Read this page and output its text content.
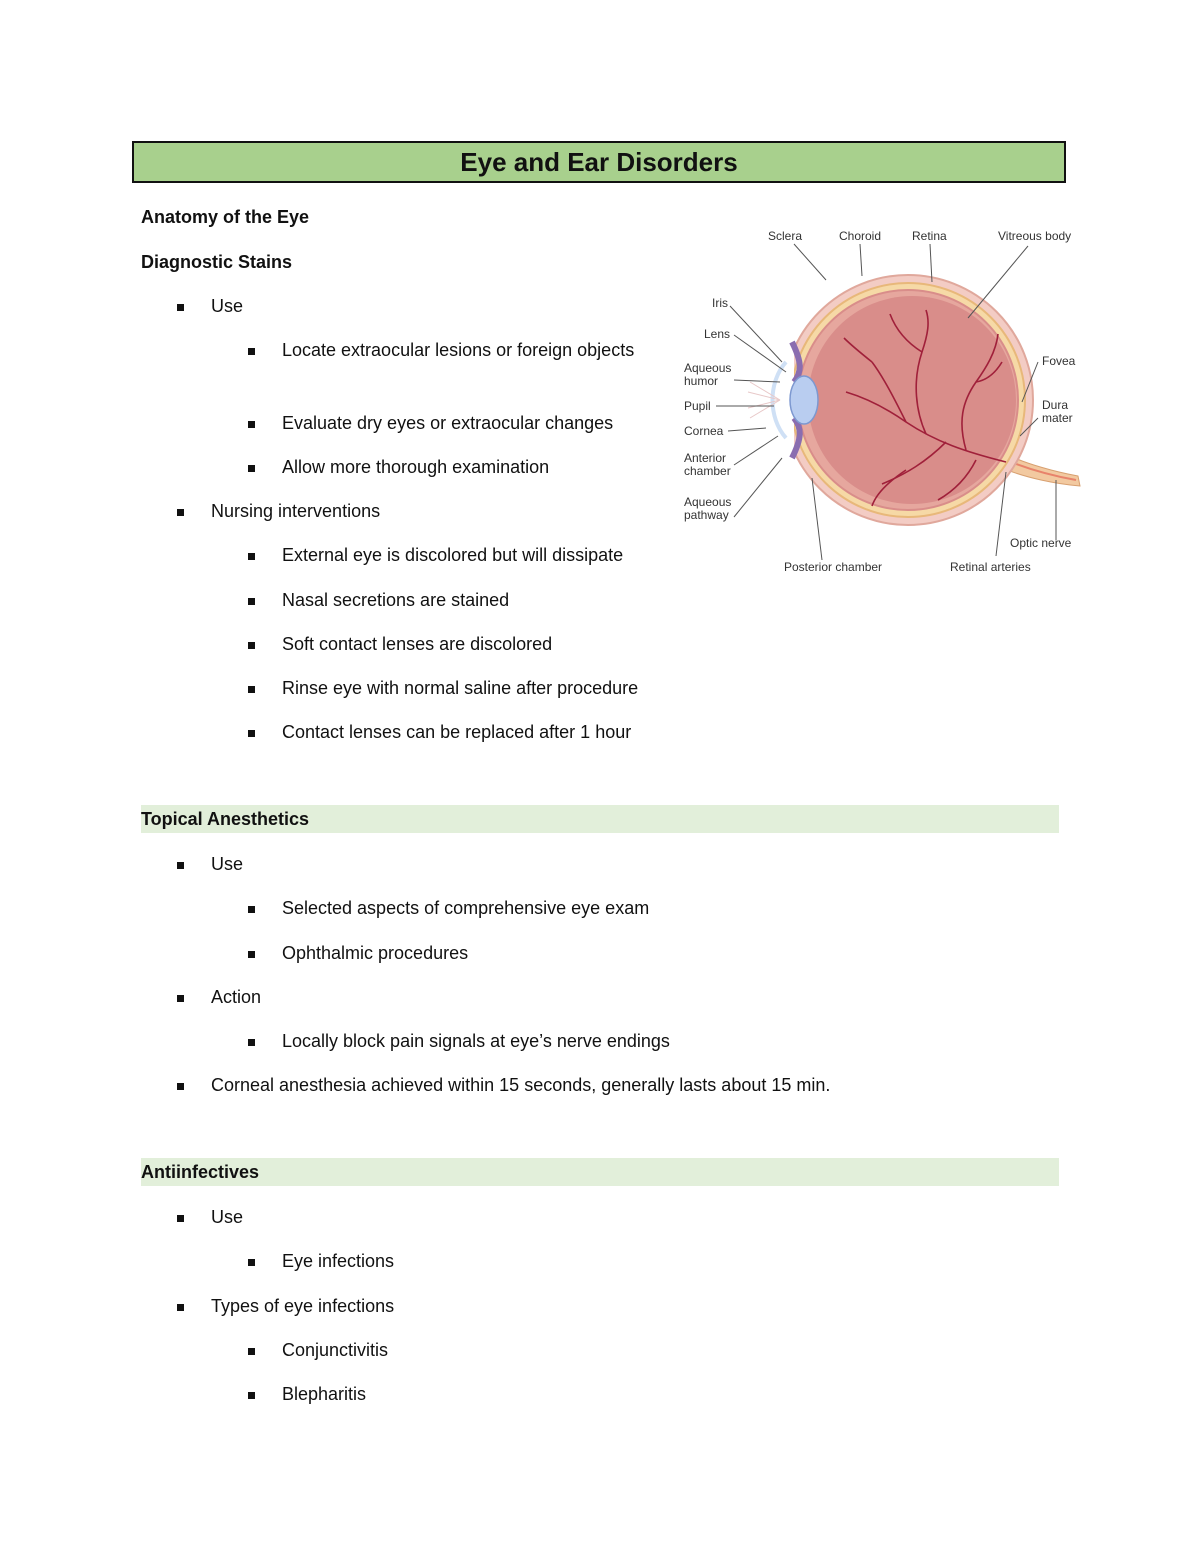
Eye and Ear Disorders
Anatomy of the Eye
Diagnostic Stains
Use
Locate extraocular lesions or foreign objects
Evaluate dry eyes or extraocular changes
Allow more thorough examination
Nursing interventions
External eye is discolored but will dissipate
Nasal secretions are stained
Soft contact lenses are discolored
Rinse eye with normal saline after procedure
Contact lenses can be replaced after 1 hour
Topical Anesthetics
Use
Selected aspects of comprehensive eye exam
Ophthalmic procedures
Action
Locally block pain signals at eye’s nerve endings
Corneal anesthesia achieved within 15 seconds, generally lasts about 15 min.
Antiinfectives
Use
Eye infections
Types of eye infections
Conjunctivitis
Blepharitis
Sclera	Choroid	Retina	Vitreous body
Iris
Lens
Aqueous
humor
Pupil
Cornea
Anterior
chamber
Aqueous
pathway
Fovea
Dura
mater
Optic nerve
Posterior chamber	Retinal arteries
